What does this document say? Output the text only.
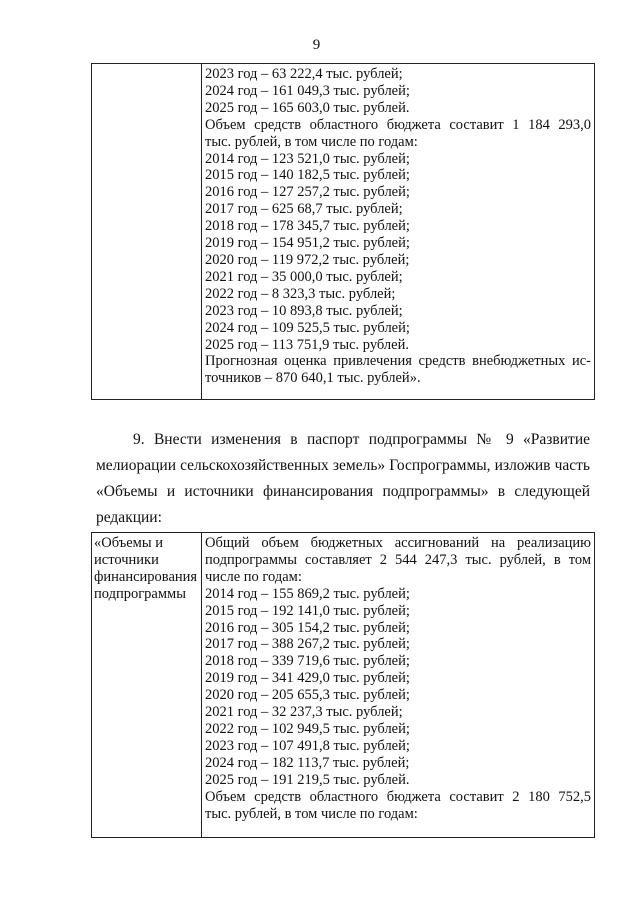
9

2023 год – 63 222,4 тыс. рублей;
2024 год – 161 049,3 тыс. рублей;
2025 год – 165 603,0 тыс. рублей.
Объем средств областного бюджета составит 1 184 293,0
тыс. рублей, в том числе по годам:
2014 год – 123 521,0 тыс. рублей;
2015 год – 140 182,5 тыс. рублей;
2016 год – 127 257,2 тыс. рублей;
2017 год – 625 68,7 тыс. рублей;
2018 год – 178 345,7 тыс. рублей;
2019 год – 154 951,2 тыс. рублей;
2020 год – 119 972,2 тыс. рублей;
2021 год – 35 000,0 тыс. рублей;
2022 год – 8 323,3 тыс. рублей;
2023 год – 10 893,8 тыс. рублей;
2024 год – 109 525,5 тыс. рублей;
2025 год – 113 751,9 тыс. рублей.
Прогнозная оценка привлечения средств внебюджетных ис-
точников – 870 640,1 тыс. рублей».
9. Внести изменения в паспорт подпрограммы № 9 «Развитие
мелиорации сельскохозяйственных земель» Госпрограммы, изложив часть
«Объемы и источники финансирования подпрограммы» в следующей
редакции:
«Объемы и
источники
финансирования
подпрограммы

Общий объем бюджетных ассигнований на реализацию
подпрограммы составляет 2 544 247,3 тыс. рублей, в том
числе по годам:
2014 год – 155 869,2 тыс. рублей;
2015 год – 192 141,0 тыс. рублей;
2016 год – 305 154,2 тыс. рублей;
2017 год – 388 267,2 тыс. рублей;
2018 год – 339 719,6 тыс. рублей;
2019 год – 341 429,0 тыс. рублей;
2020 год – 205 655,3 тыс. рублей;
2021 год – 32 237,3 тыс. рублей;
2022 год – 102 949,5 тыс. рублей;
2023 год – 107 491,8 тыс. рублей;
2024 год – 182 113,7 тыс. рублей;
2025 год – 191 219,5 тыс. рублей.
Объем средств областного бюджета составит 2 180 752,5
тыс. рублей, в том числе по годам:
